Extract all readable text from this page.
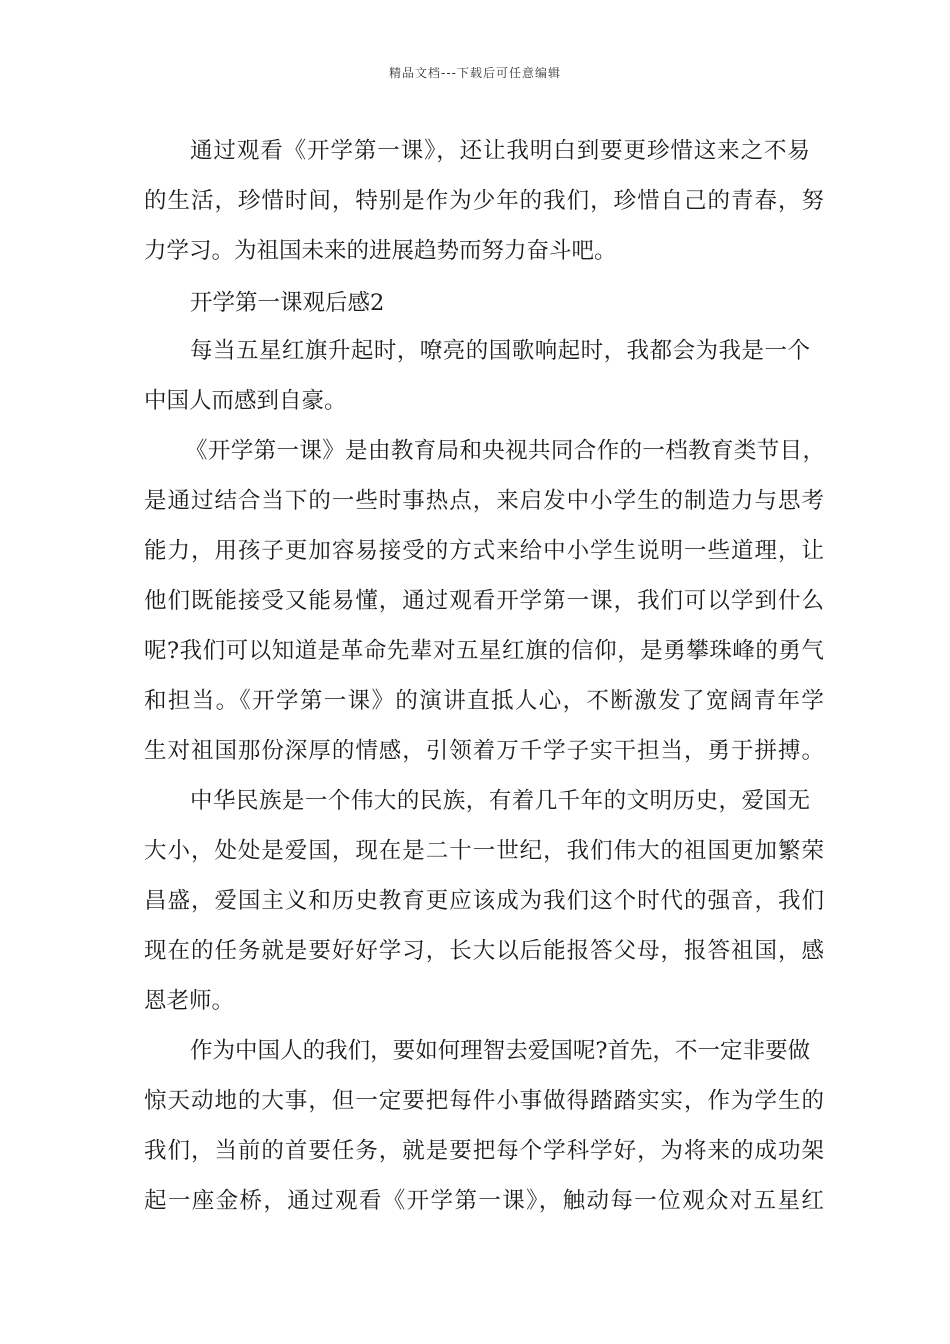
精品文档---下载后可任意编辑
通过观看《开学第一课》，还让我明白到要更珍惜这来之不易
的生活，珍惜时间，特别是作为少年的我们，珍惜自己的青春，努
力学习。为祖国未来的进展趋势而努力奋斗吧。
开学第一课观后感2
每当五星红旗升起时，嘹亮的国歌响起时，我都会为我是一个
中国人而感到自豪。
《开学第一课》是由教育局和央视共同合作的一档教育类节目，
是通过结合当下的一些时事热点，来启发中小学生的制造力与思考
能力，用孩子更加容易接受的方式来给中小学生说明一些道理，让
他们既能接受又能易懂，通过观看开学第一课，我们可以学到什么
呢?我们可以知道是革命先辈对五星红旗的信仰，是勇攀珠峰的勇气
和担当。《开学第一课》的演讲直抵人心，不断激发了宽阔青年学
生对祖国那份深厚的情感，引领着万千学子实干担当，勇于拼搏。
中华民族是一个伟大的民族，有着几千年的文明历史，爱国无
大小，处处是爱国，现在是二十一世纪，我们伟大的祖国更加繁荣
昌盛，爱国主义和历史教育更应该成为我们这个时代的强音，我们
现在的任务就是要好好学习，长大以后能报答父母，报答祖国，感
恩老师。
作为中国人的我们，要如何理智去爱国呢?首先，不一定非要做
惊天动地的大事，但一定要把每件小事做得踏踏实实，作为学生的
我们，当前的首要任务，就是要把每个学科学好，为将来的成功架
起一座金桥，通过观看《开学第一课》，触动每一位观众对五星红
